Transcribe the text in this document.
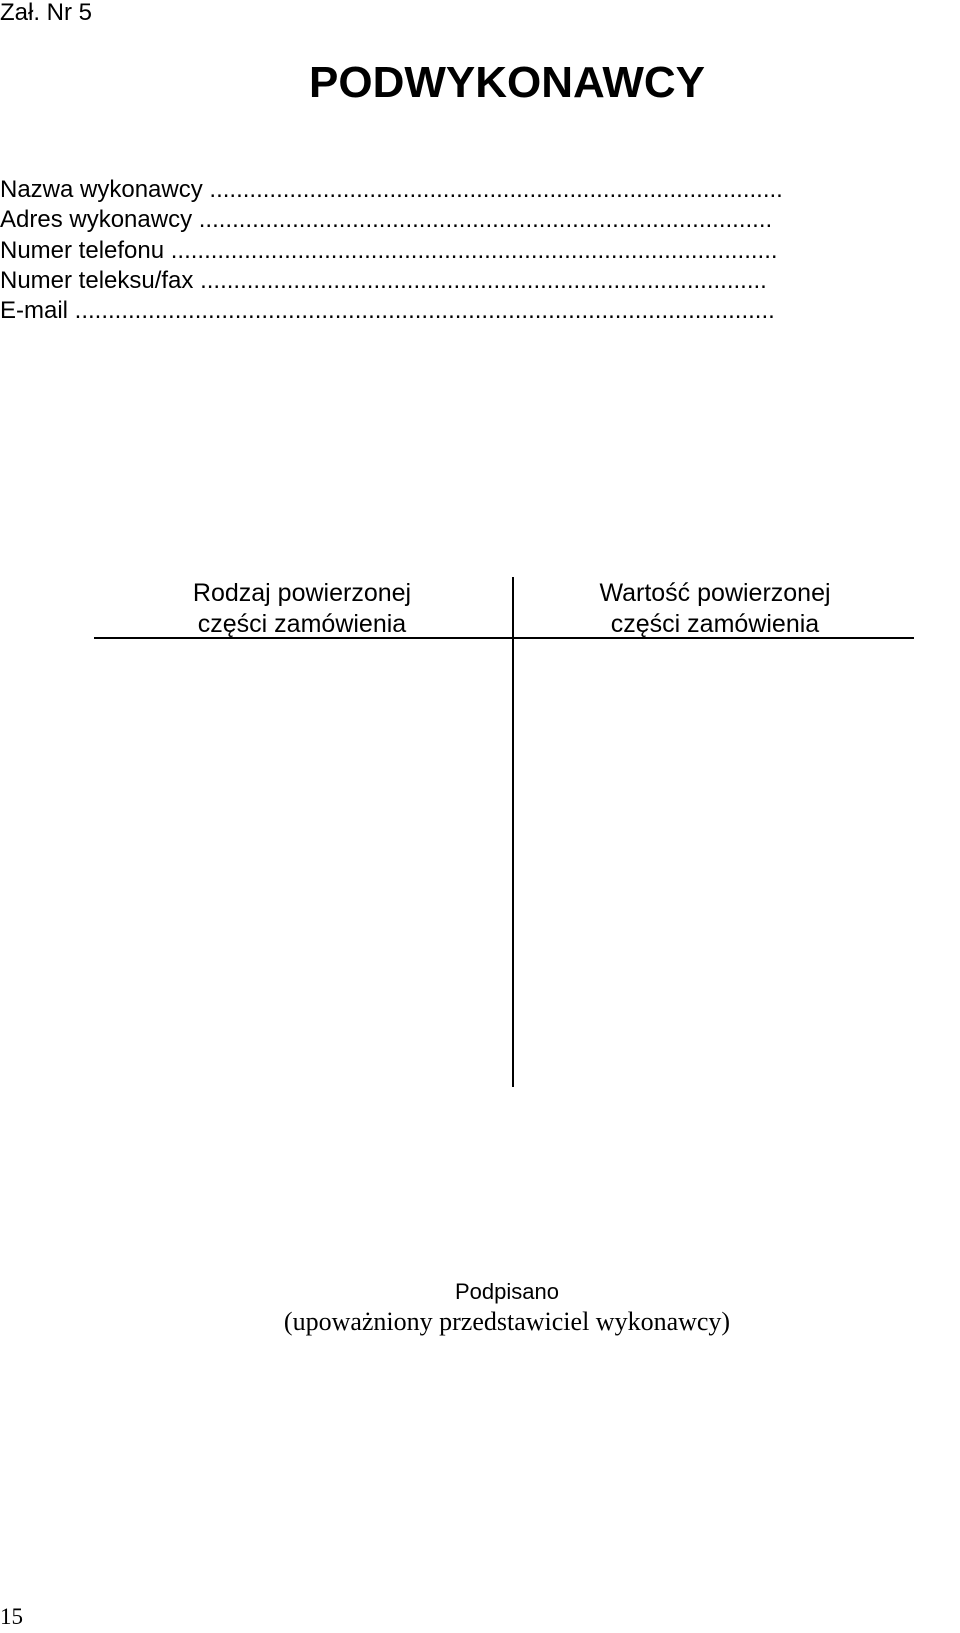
Zał. Nr 5
PODWYKONAWCY
Nazwa wykonawcy ......................................................................................
Adres wykonawcy ......................................................................................
Numer telefonu ...........................................................................................
Numer teleksu/fax .....................................................................................
E-mail .........................................................................................................
Rodzaj powierzonej
części zamówienia
Wartość powierzonej
części zamówienia
Podpisano
(upoważniony przedstawiciel wykonawcy)
15
